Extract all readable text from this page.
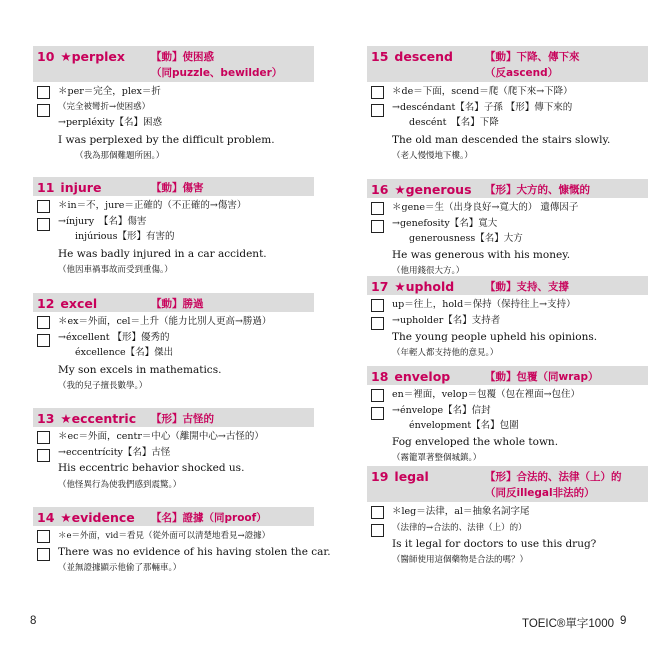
10 ★perplex 【動】使困惑
（同puzzle、bewilder）
＊per＝完全，plex＝折
（完全被彎折→使困惑）
→perpléxity【名】困惑
I was perplexed by the difficult problem.
（我為那個難題所困。）
11 injure	【動】傷害
＊in＝不，jure＝正確的（不正確的→傷害）
→ínjury　【名】傷害
injúrious【形】有害的
He was badly injured in a car accident.
（他因車禍事故而受到重傷。）
12 excel	【動】勝過
＊ex＝外面，cel＝上升（能力比別人更高→勝過）
→éxcellent 【形】優秀的
éxcellence【名】傑出
My son excels in mathematics.
（我的兒子擅長數學。）
13 ★eccentric 【形】古怪的
＊ec＝外面，centr＝中心（離開中心→古怪的）
→eccentrícity【名】古怪
His eccentric behavior shocked us.
（他怪異行為使我們感到震驚。）
14 ★evidence 【名】證據（同proof）
＊e＝外面，vid＝看見（從外面可以清楚地看見→證據）
There was no evidence of his having stolen the car.
（並無證據顯示他偷了那輛車。）
15 descend	【動】下降、傳下來
（反ascend）
＊de＝下面，scend＝爬（爬下來→下降）
→descéndant【名】子孫 【形】傳下來的
descént　【名】下降
The old man descended the stairs slowly.
（老人慢慢地下樓。）
16 ★generous 【形】大方的、慷慨的
＊gene＝生（出身良好→寬大的） 遺傳因子
→genefosity【名】寬大
generousness【名】大方
He was generous with his money.
（他用錢很大方。）
17 ★uphold	【動】支持、支撐
up＝往上，hold＝保持（保持往上→支持）
→upholder【名】支持者
The young people upheld his opinions.
（年輕人都支持他的意見。）
18 envelop	【動】包覆（同wrap）
en＝裡面，velop＝包覆（包在裡面→包住）
→énvelope【名】信封
énvelopment【名】包圍
Fog enveloped the whole town.
（霧籠罩著整個城鎮。）
19 legal	【形】合法的、法律（上）的
（同反illegal非法的）
＊leg＝法律，al＝抽象名詞字尾
（法律的→合法的、法律（上）的）
Is it legal for doctors to use this drug?
（醫師使用這個藥物是合法的嗎？）
8	TOEIC®單字1000 9
